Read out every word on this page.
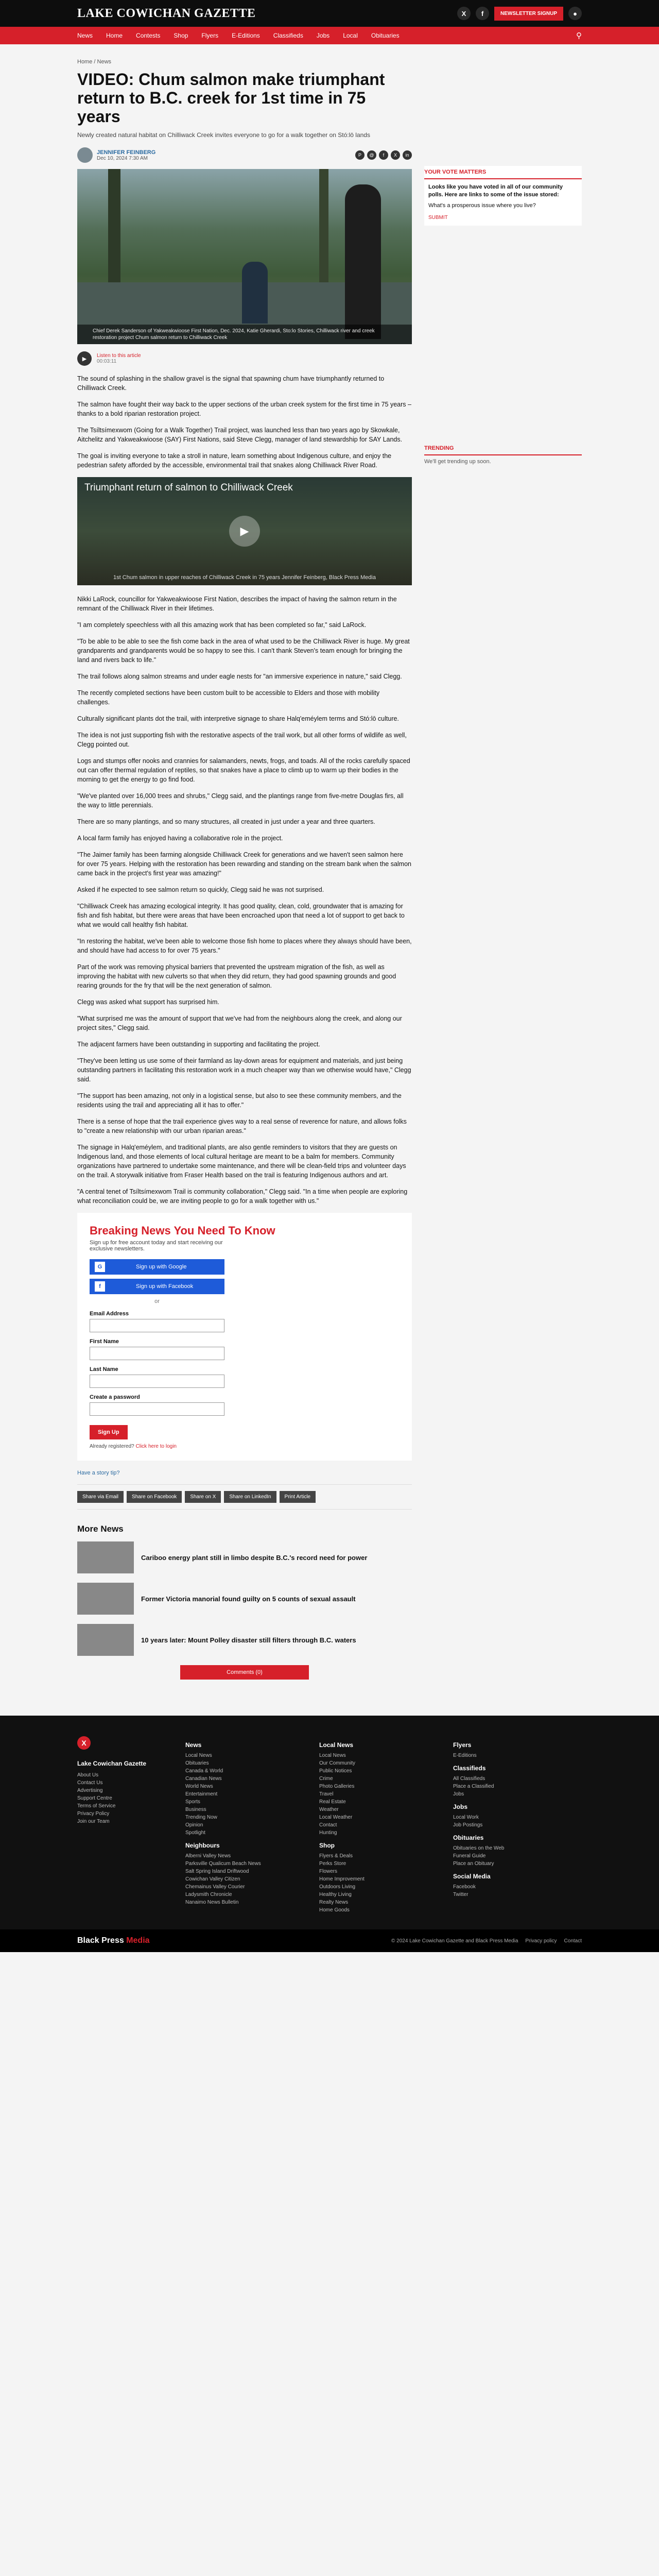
LAKE COWICHAN GAZETTE	X	f	NEWSLETTER SIGNUP	●
News Home Contests Shop Flyers E-Editions Classifieds Jobs Local Obituaries	⚲
Home / News
VIDEO: Chum salmon make triumphant return to B.C. creek for 1st time in 75 years
Newly created natural habitat on Chilliwack Creek invites everyone to go for a walk together on Stó:lō lands
JENNIFER FEINBERG
Dec 10, 2024 7:30 AM
P	@	f	X	in
Chief Derek Sanderson of Yakweakwioose First Nation, Dec. 2024, Katie Gherardi, Sto:lo Stories, Chilliwack river and creek restoration project Chum salmon return to Chilliwack Creek
▶	Listen to this article
00:03:11

The sound of splashing in the shallow gravel is the signal that spawning chum have triumphantly returned to Chilliwack Creek.

The salmon have fought their way back to the upper sections of the urban creek system for the first time in 75 years – thanks to a bold riparian restoration project.

The Tsíltsímexwom (Going for a Walk Together) Trail project, was launched less than two years ago by Skowkale, Aitchelitz and Yakweakwioose (SAY) First Nations, said Steve Clegg, manager of land stewardship for SAY Lands.

The goal is inviting everyone to take a stroll in nature, learn something about Indigenous culture, and enjoy the pedestrian safety afforded by the accessible, environmental trail that snakes along Chilliwack River Road.

Triumphant return of salmon to Chilliwack Creek
▶
1st Chum salmon in upper reaches of Chilliwack Creek in 75 years Jennifer Feinberg, Black Press Media

Nikki LaRock, councillor for Yakweakwioose First Nation, describes the impact of having the salmon return in the remnant of the Chilliwack River in their lifetimes.

"I am completely speechless with all this amazing work that has been completed so far," said LaRock.

"To be able to be able to see the fish come back in the area of what used to be the Chilliwack River is huge. My great grandparents and grandparents would be so happy to see this. I can't thank Steven's team enough for bringing the land and rivers back to life."

The trail follows along salmon streams and under eagle nests for "an immersive experience in nature," said Clegg.

The recently completed sections have been custom built to be accessible to Elders and those with mobility challenges.

Culturally significant plants dot the trail, with interpretive signage to share Halq'eméylem terms and Stó:lō culture.

The idea is not just supporting fish with the restorative aspects of the trail work, but all other forms of wildlife as well, Clegg pointed out.

Logs and stumps offer nooks and crannies for salamanders, newts, frogs, and toads. All of the rocks carefully spaced out can offer thermal regulation of reptiles, so that snakes have a place to climb up to warm up their bodies in the morning to get the energy to go find food.

"We've planted over 16,000 trees and shrubs," Clegg said, and the plantings range from five-metre Douglas firs, all the way to little perennials.

There are so many plantings, and so many structures, all created in just under a year and three quarters.

A local farm family has enjoyed having a collaborative role in the project.

"The Jaimer family has been farming alongside Chilliwack Creek for generations and we haven't seen salmon here for over 75 years. Helping with the restoration has been rewarding and standing on the stream bank when the salmon came back in the project's first year was amazing!"

Asked if he expected to see salmon return so quickly, Clegg said he was not surprised.

"Chilliwack Creek has amazing ecological integrity. It has good quality, clean, cold, groundwater that is amazing for fish and fish habitat, but there were areas that have been encroached upon that need a lot of support to get back to what we would call healthy fish habitat.

"In restoring the habitat, we've been able to welcome those fish home to places where they always should have been, and should have had access to for over 75 years."

Part of the work was removing physical barriers that prevented the upstream migration of the fish, as well as improving the habitat with new culverts so that when they did return, they had good spawning grounds and good rearing grounds for the fry that will be the next generation of salmon.

Clegg was asked what support has surprised him.

"What surprised me was the amount of support that we've had from the neighbours along the creek, and along our project sites," Clegg said.

The adjacent farmers have been outstanding in supporting and facilitating the project.

"They've been letting us use some of their farmland as lay-down areas for equipment and materials, and just being outstanding partners in facilitating this restoration work in a much cheaper way than we otherwise would have," Clegg said.

"The support has been amazing, not only in a logistical sense, but also to see these community members, and the residents using the trail and appreciating all it has to offer."

There is a sense of hope that the trail experience gives way to a real sense of reverence for nature, and allows folks to "create a new relationship with our urban riparian areas."

The signage in Halq'eméylem, and traditional plants, are also gentle reminders to visitors that they are guests on Indigenous land, and those elements of local cultural heritage are meant to be a balm for members. Community organizations have partnered to undertake some maintenance, and there will be clean-field trips and volunteer days on the trail. A storywalk initiative from Fraser Health based on the trail is featuring Indigenous authors and art.

"A central tenet of Tsíltsímexwom Trail is community collaboration," Clegg said. "In a time when people are exploring what reconciliation could be, we are inviting people to go for a walk together with us."

Breaking News You Need To Know
Sign up for free account today and start receiving our exclusive newsletters.
G	Sign up with Google
f	Sign up with Facebook
or
Email Address
First Name
Last Name
Create a password
Sign Up
Already registered? Click here to login
Have a story tip?
Share via Email	Share on Facebook	Share on X	Share on LinkedIn	Print Article
More News
Cariboo energy plant still in limbo despite B.C.'s record need for power
Former Victoria manorial found guilty on 5 counts of sexual assault
10 years later: Mount Polley disaster still filters through B.C. waters
Comments (0)
YOUR VOTE MATTERS
Looks like you have voted in all of our community polls. Here are links to some of the issue stored:
What's a prosperous issue where you live?
SUBMIT
TRENDING
We'll get trending up soon.
X
Lake Cowichan Gazette
About Us
Contact Us
Advertising
Support Centre
Terms of Service
Privacy Policy
Join our Team
News
Local News
Obituaries
Canada & World
Canadian News
World News
Entertainment
Sports
Business
Trending Now
Opinion
Spotlight
Neighbours
Alberni Valley News
Parksville Qualicum Beach News
Salt Spring Island Driftwood
Cowichan Valley Citizen
Chemainus Valley Courier
Ladysmith Chronicle
Nanaimo News Bulletin
Local News
Local News
Our Community
Public Notices
Crime
Photo Galleries
Travel
Real Estate
Weather
Local Weather
Contact
Hunting
Shop
Flyers & Deals
Perks Store
Flowers
Home Improvement
Outdoors Living
Healthy Living
Realty News
Home Goods
Flyers
E-Editions
Classifieds
All Classifieds
Place a Classified
Jobs
Jobs
Local Work
Job Postings
Obituaries
Obituaries on the Web
Funeral Guide
Place an Obituary
Social Media
Facebook
Twitter
Black Press Media	© 2024 Lake Cowichan Gazette and Black Press Media Privacy policy Contact
